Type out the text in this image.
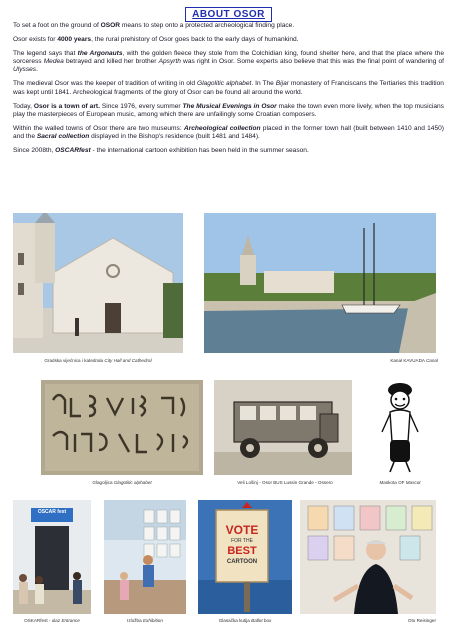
ABOUT OSOR

To set a foot on the ground of OSOR means to step onto a protected archeological finding place.

Osor exists for 4000 years, the rural prehistory of Osor goes back to the early days of humankind.

The legend says that the Argonauts, with the golden fleece they stole from the Colchidian king, found shelter here, and that the place where the sorceress Medea betrayed and killed her brother Apsyrth was right in Osor. Some experts also believe that this was the final point of wandering of Ulysses.

The medieval Osor was the keeper of tradition of writing in old Glagolitic alphabet. In The Bijar monastery of Franciscans the Tertiaries this tradition was kept until 1841. Archeological fragments of the glory of Osor can be found all around the world.

Today, Osor is a town of art. Since 1976, every summer The Musical Evenings in Osor make the town even more lively, when the top musicians play the masterpieces of European music, among which there are unfailingly some Croatian composers.

Within the walled towns of Osor there are two museums: Archeological collection placed in the former town hall (built between 1410 and 1450) and the Sacral collection displayed in the Bishop's residence (built 1481 and 1484).

Since 2008th, OSCARfest - the international cartoon exhibition has been held in the summer season.

Gradska vijećnica i katedrala City Hall and Cathedral	Kanal KAVUADA Canal
Glagoljica Glagolitic alphabet	Veli Lošinj - Osor BUS Lussin Grande - Ossero	Maskota OF Mascot
OSCAR fest
OSKARfest - ulaz Entrance	Izložba Exhibition
VOTE
FOR THE
BEST
CARTOON
Glasačka kutija Ballot box	Oto Reisinger
